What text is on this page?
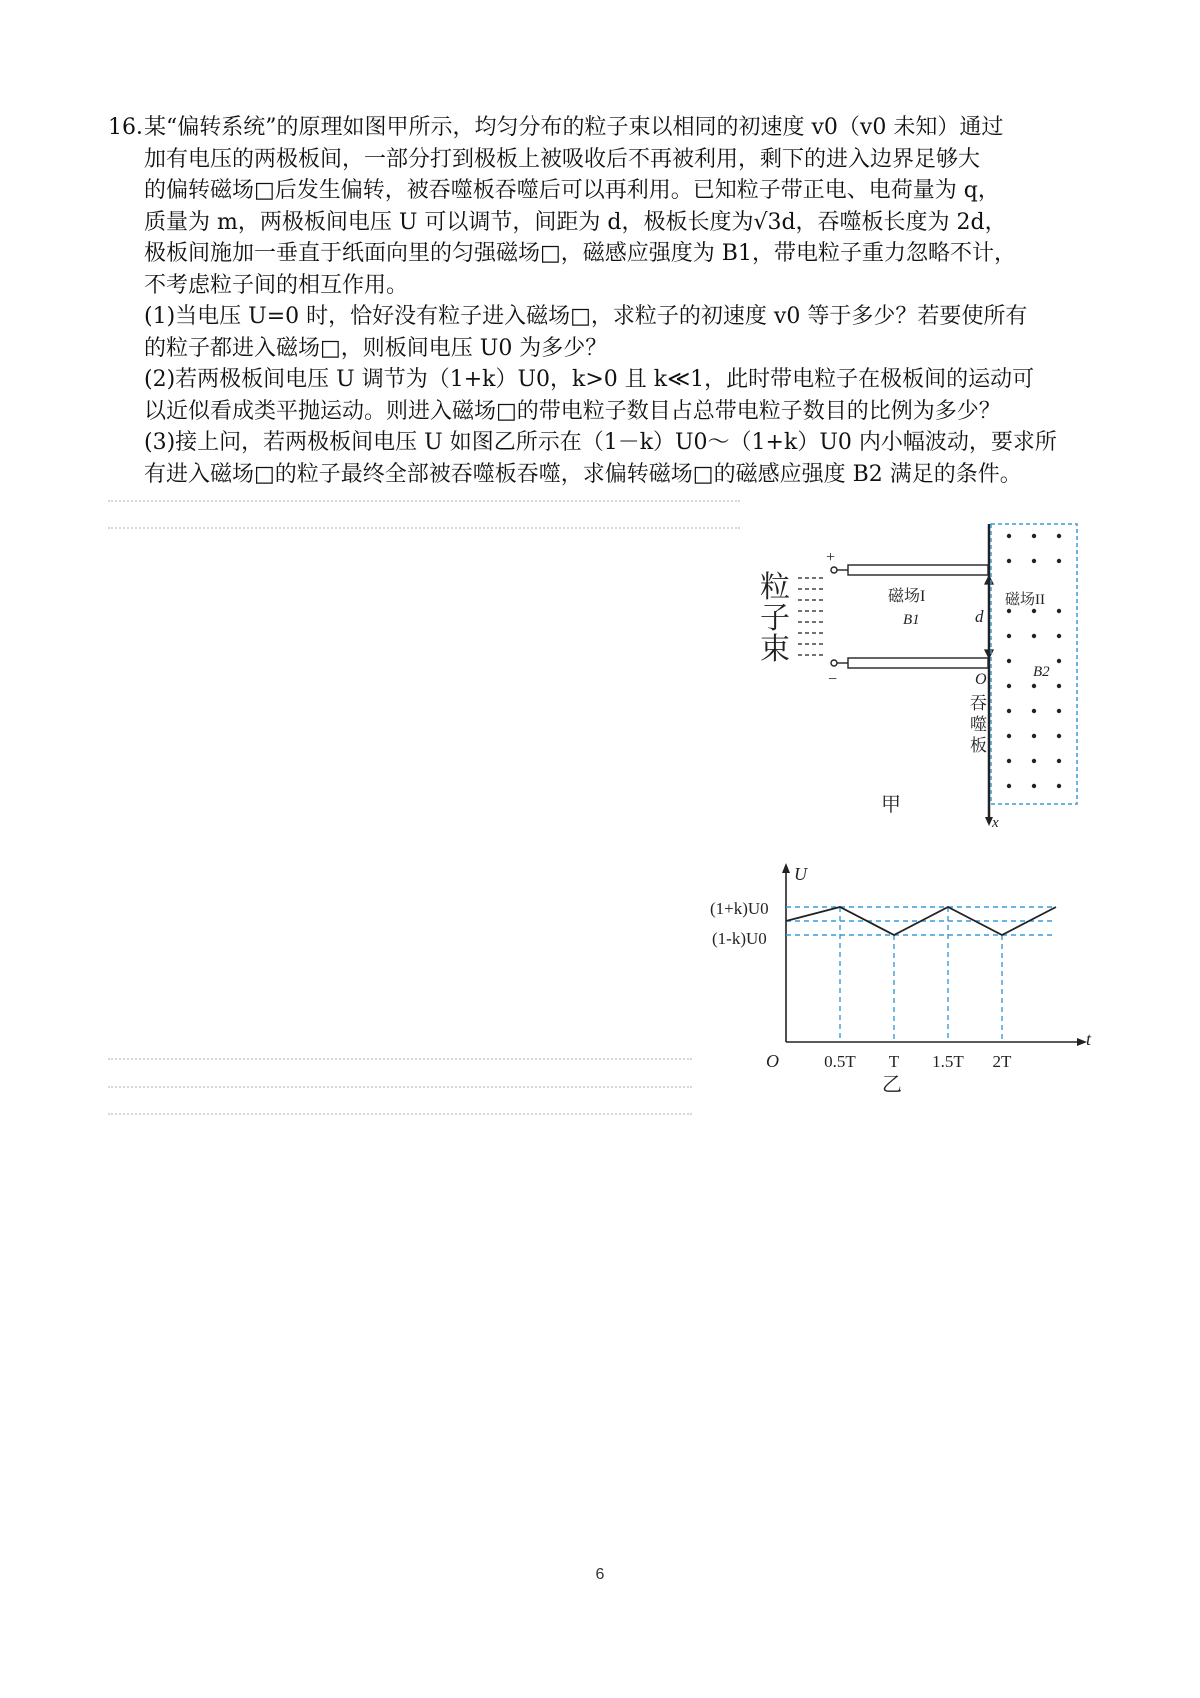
16．某“偏转系统”的原理如图甲所示，均匀分布的粒子束以相同的初速度 v0（v0 未知）通过

加有电压的两极板间，一部分打到极板上被吸收后不再被利用，剩下的进入边界足够大

的偏转磁场□后发生偏转，被吞噬板吞噬后可以再利用。已知粒子带正电、电荷量为 q，

质量为 m，两极板间电压 U 可以调节，间距为 d，极板长度为√3d，吞噬板长度为 2d，

极板间施加一垂直于纸面向里的匀强磁场□，磁感应强度为 B1，带电粒子重力忽略不计，

不考虑粒子间的相互作用。

(1)当电压 U=0 时，恰好没有粒子进入磁场□，求粒子的初速度 v0 等于多少？若要使所有

的粒子都进入磁场□，则板间电压 U0 为多少？

(2)若两极板间电压 U 调节为（1+k）U0，k>0 且 k≪1，此时带电粒子在极板间的运动可

以近似看成类平抛运动。则进入磁场□的带电粒子数目占总带电粒子数目的比例为多少？

(3)接上问，若两极板间电压 U 如图乙所示在（1－k）U0～（1+k）U0 内小幅波动，要求所

有进入磁场□的粒子最终全部被吞噬板吞噬，求偏转磁场□的磁感应强度 B2 满足的条件。

粒
子
束
+
−
磁场I
B1	d
x
O
吞
噬
板
磁场II
B2
甲
U
t
O
(1+k)U0
(1-k)U0
0.5T T 1.5T 2T
乙
6
